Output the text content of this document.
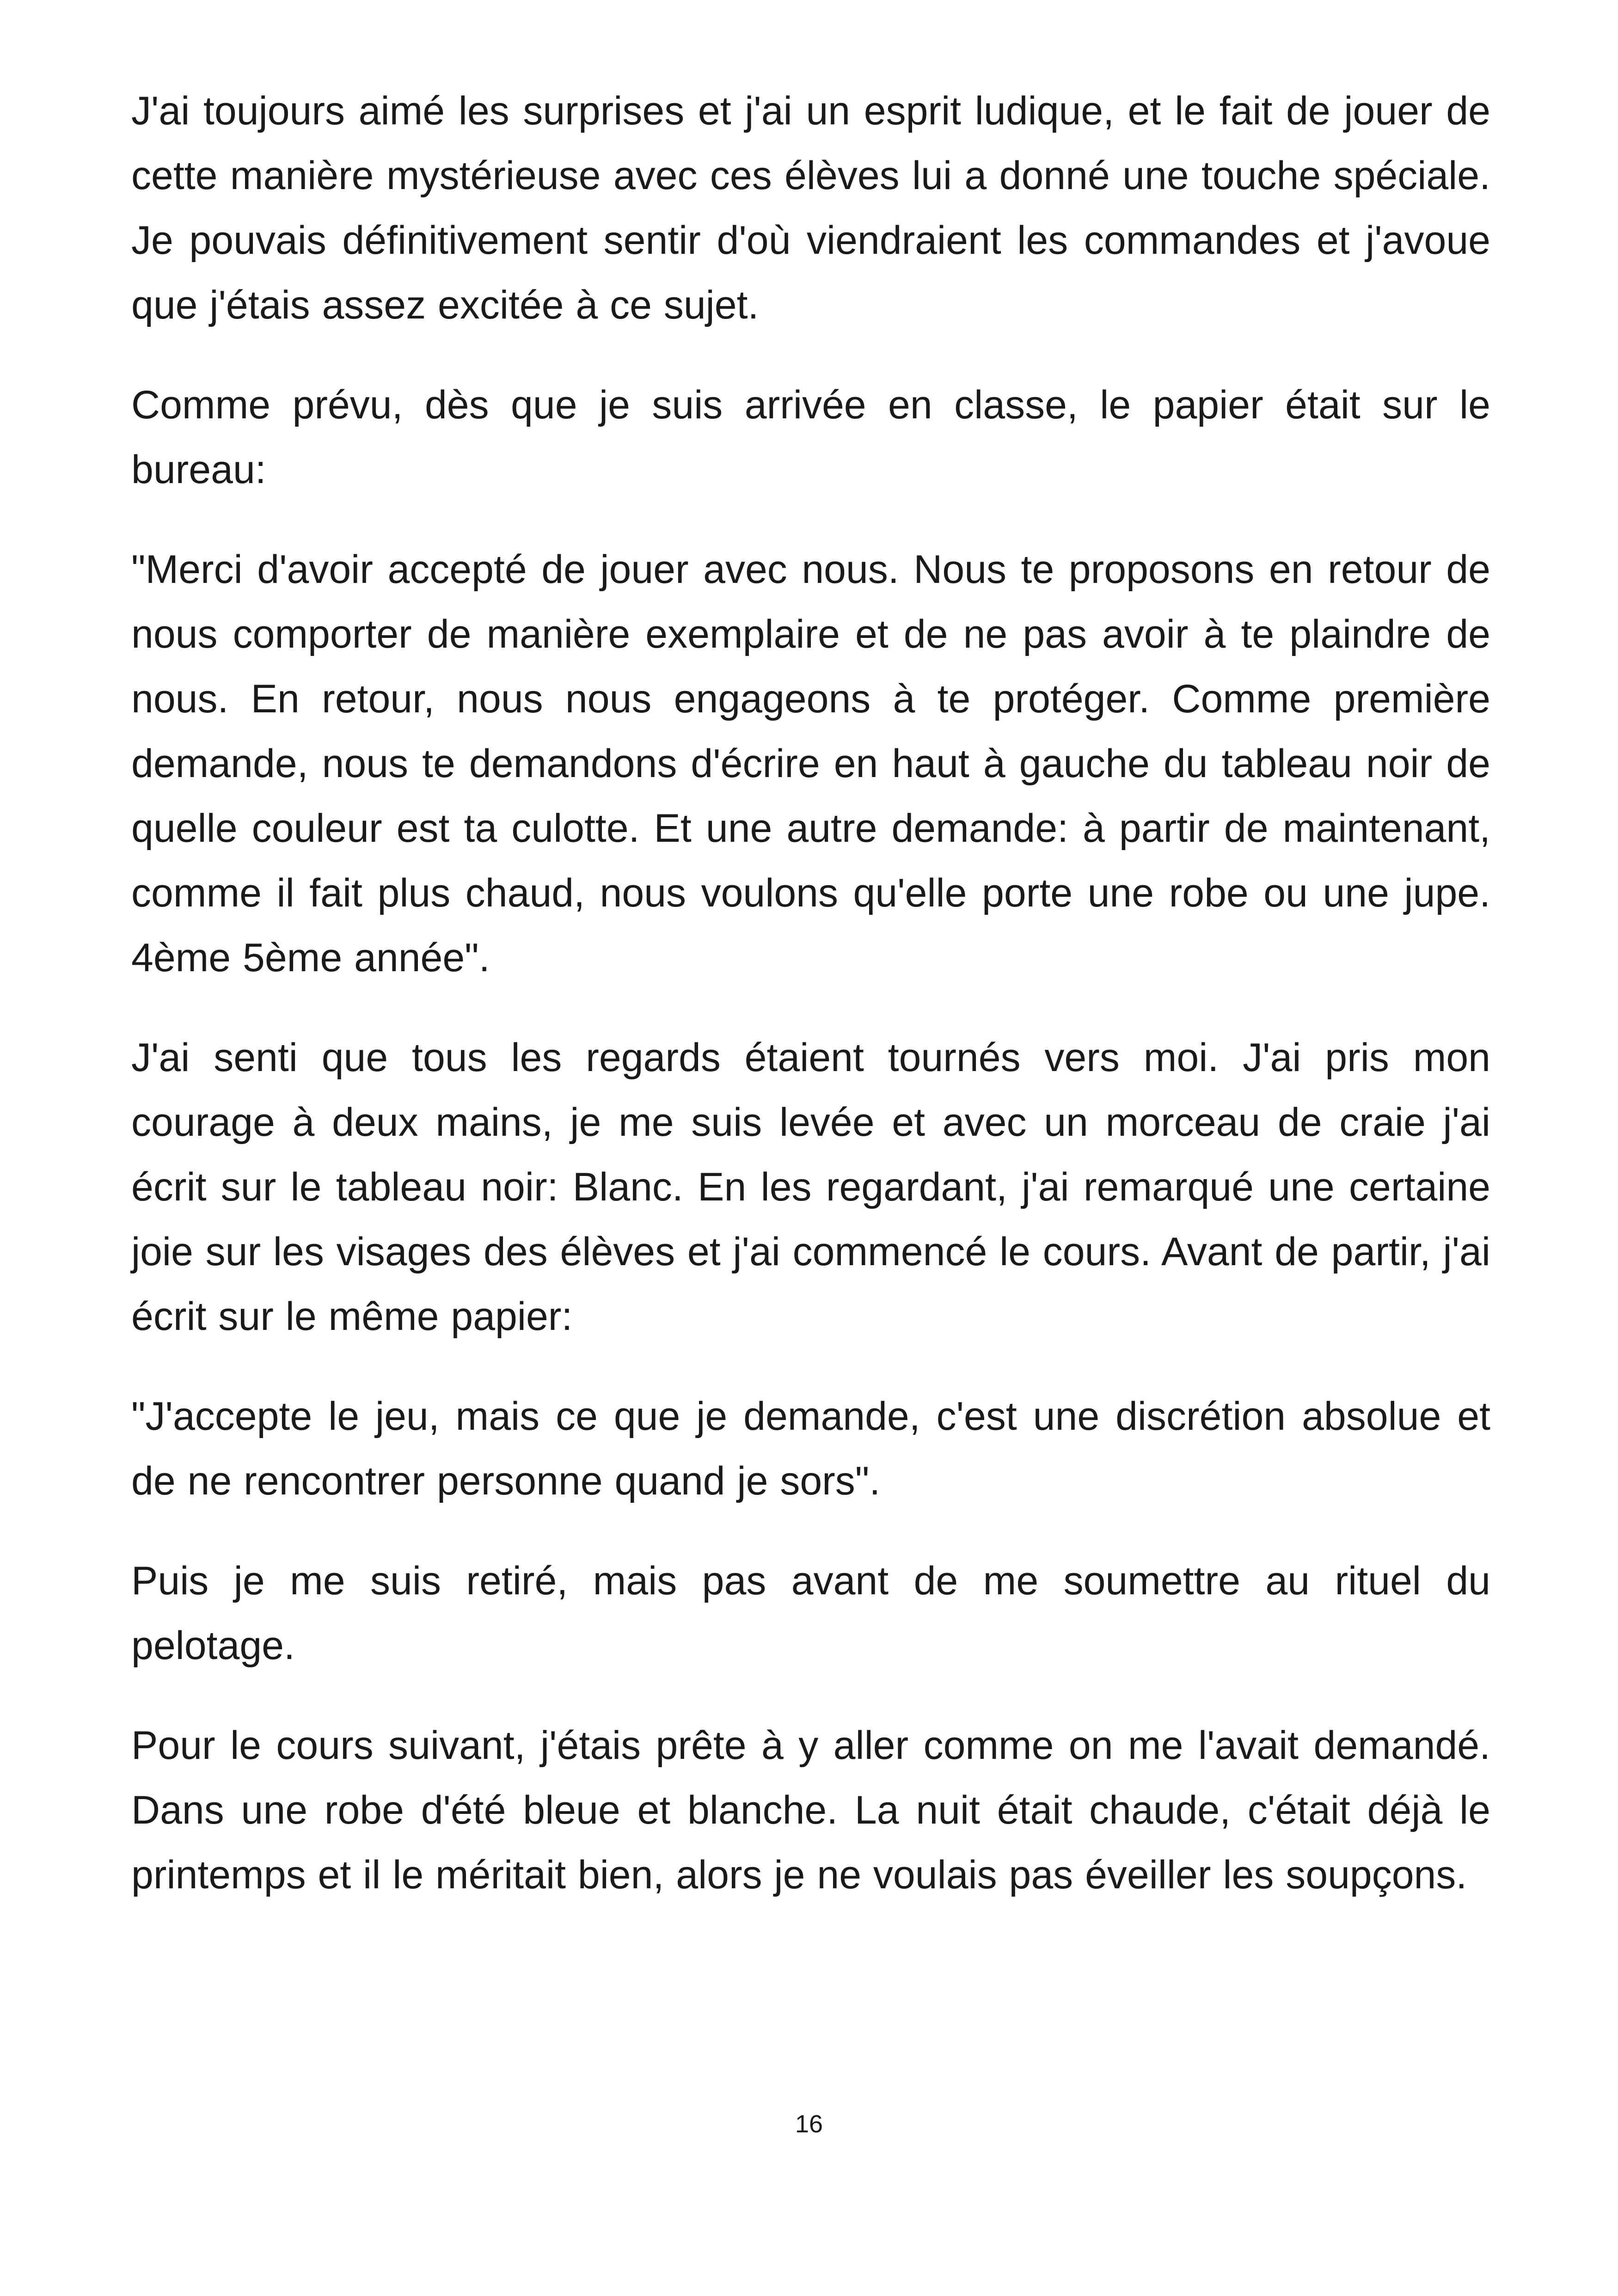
J'ai toujours aimé les surprises et j'ai un esprit ludique, et le fait de jouer de cette manière mystérieuse avec ces élèves lui a donné une touche spéciale. Je pouvais définitivement sentir d'où viendraient les commandes et j'avoue que j'étais assez excitée à ce sujet.

Comme prévu, dès que je suis arrivée en classe, le papier était sur le bureau:

"Merci d'avoir accepté de jouer avec nous. Nous te proposons en retour de nous comporter de manière exemplaire et de ne pas avoir à te plaindre de nous. En retour, nous nous engageons à te protéger. Comme première demande, nous te demandons d'écrire en haut à gauche du tableau noir de quelle couleur est ta culotte. Et une autre demande: à partir de maintenant, comme il fait plus chaud, nous voulons qu'elle porte une robe ou une jupe. 4ème 5ème année".

J'ai senti que tous les regards étaient tournés vers moi. J'ai pris mon courage à deux mains, je me suis levée et avec un morceau de craie j'ai écrit sur le tableau noir: Blanc. En les regardant, j'ai remarqué une certaine joie sur les visages des élèves et j'ai commencé le cours. Avant de partir, j'ai écrit sur le même papier:

"J'accepte le jeu, mais ce que je demande, c'est une discrétion absolue et de ne rencontrer personne quand je sors".

Puis je me suis retiré, mais pas avant de me soumettre au rituel du pelotage.

Pour le cours suivant, j'étais prête à y aller comme on me l'avait demandé. Dans une robe d'été bleue et blanche. La nuit était chaude, c'était déjà le printemps et il le méritait bien, alors je ne voulais pas éveiller les soupçons.

16
